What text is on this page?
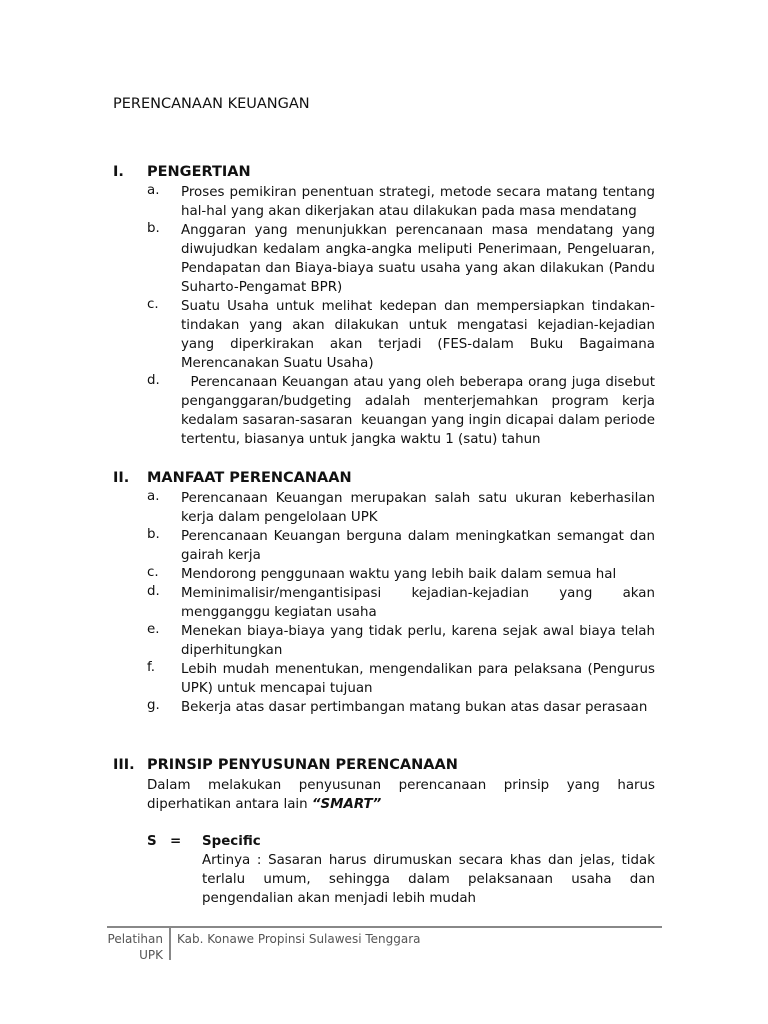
PERENCANAAN KEUANGAN
I.	PENGERTIAN
a.	Proses pemikiran penentuan strategi, metode secara matang tentang hal-hal yang akan dikerjakan atau dilakukan pada masa mendatang
b.	Anggaran yang menunjukkan perencanaan masa mendatang yang diwujudkan kedalam angka-angka meliputi Penerimaan, Pengeluaran, Pendapatan dan Biaya-biaya suatu usaha yang akan dilakukan (Pandu Suharto-Pengamat BPR)
c.	Suatu Usaha untuk melihat kedepan dan mempersiapkan tindakan-tindakan yang akan dilakukan untuk mengatasi kejadian-kejadian yang diperkirakan akan terjadi (FES-dalam Buku Bagaimana Merencanakan Suatu Usaha)
d.	Perencanaan Keuangan atau yang oleh beberapa orang juga disebut penganggaran/budgeting adalah menterjemahkan program kerja kedalam sasaran-sasaran  keuangan yang ingin dicapai dalam periode tertentu, biasanya untuk jangka waktu 1 (satu) tahun
II.	MANFAAT PERENCANAAN
a.	Perencanaan Keuangan merupakan salah satu ukuran keberhasilan kerja dalam pengelolaan UPK
b.	Perencanaan Keuangan berguna dalam meningkatkan semangat dan gairah kerja
c.	Mendorong penggunaan waktu yang lebih baik dalam semua hal
d.	Meminimalisir/mengantisipasi kejadian-kejadian yang akan mengganggu kegiatan usaha
e.	Menekan biaya-biaya yang tidak perlu, karena sejak awal biaya telah diperhitungkan
f.	Lebih mudah menentukan, mengendalikan para pelaksana (Pengurus UPK) untuk mencapai tujuan
g.	Bekerja atas dasar pertimbangan matang bukan atas dasar perasaan
III. PRINSIP PENYUSUNAN PERENCANAAN
Dalam melakukan penyusunan perencanaan prinsip yang harus diperhatikan antara lain “SMART”
S =	Specific
Artinya : Sasaran harus dirumuskan secara khas dan jelas, tidak terlalu umum, sehingga dalam pelaksanaan usaha dan pengendalian akan menjadi lebih mudah
Pelatihan
UPK
Kab. Konawe Propinsi Sulawesi Tenggara
